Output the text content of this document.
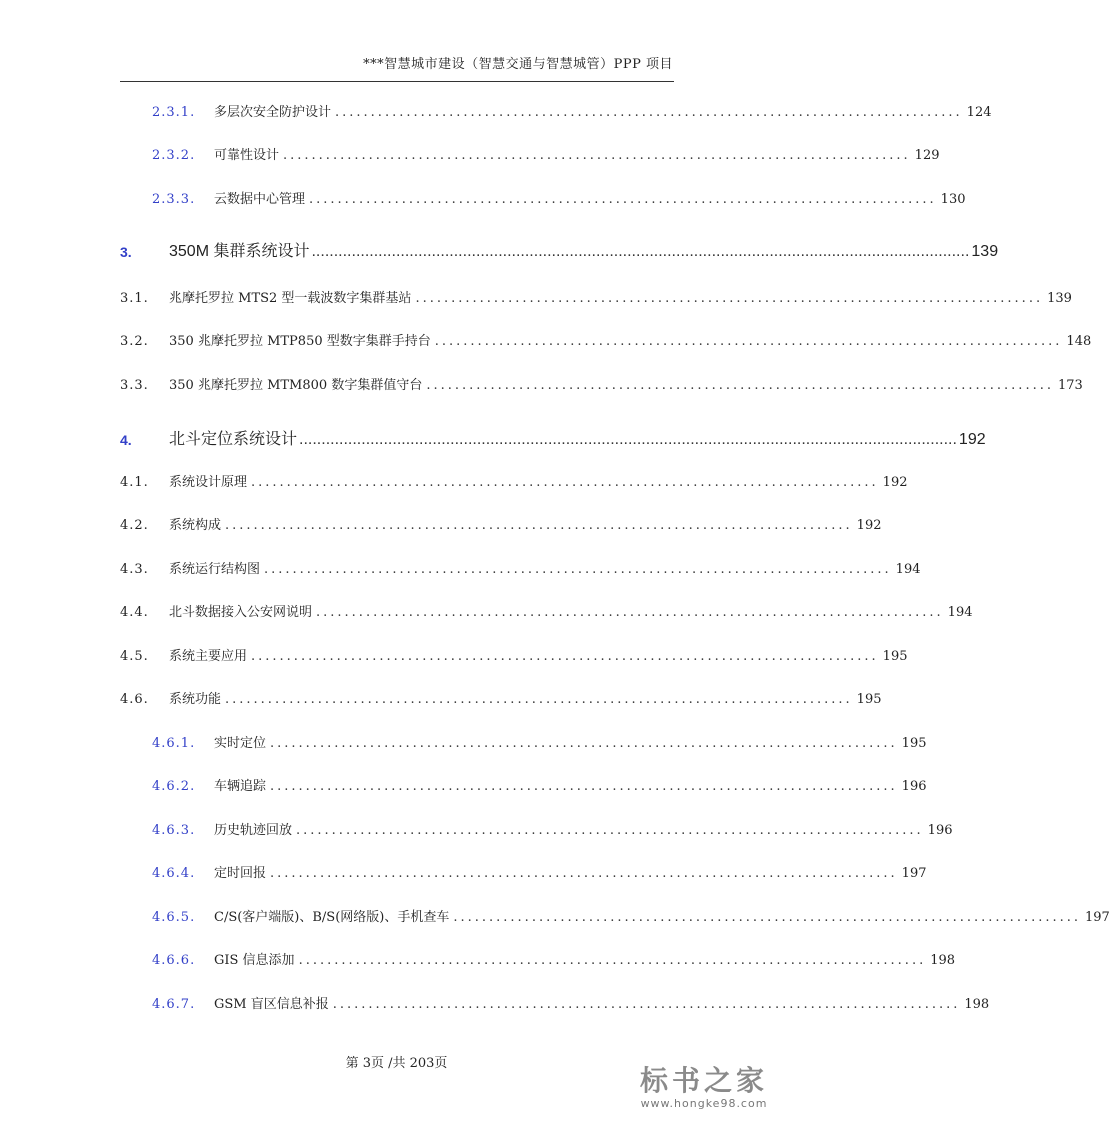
***智慧城市建设（智慧交通与智慧城管）PPP 项目
2.3.1.	多层次安全防护设计 ........................................................................................ 124
2.3.2.	可靠性设计 ........................................................................................ 129
2.3.3.	云数据中心管理 ........................................................................................ 130
3.	350M 集群系统设计 .................................................................................................................................................... 139
3.1.	兆摩托罗拉 MTS2 型一载波数字集群基站 ........................................................................................ 139
3.2.	350 兆摩托罗拉 MTP850 型数字集群手持台 ........................................................................................ 148
3.3.	350 兆摩托罗拉 MTM800 数字集群值守台 ........................................................................................ 173
4.	北斗定位系统设计 .................................................................................................................................................... 192
4.1.	系统设计原理 ........................................................................................ 192
4.2.	系统构成 ........................................................................................ 192
4.3.	系统运行结构图 ........................................................................................ 194
4.4.	北斗数据接入公安网说明 ........................................................................................ 194
4.5.	系统主要应用 ........................................................................................ 195
4.6.	系统功能 ........................................................................................ 195
4.6.1.	实时定位 ........................................................................................ 195
4.6.2.	车辆追踪 ........................................................................................ 196
4.6.3.	历史轨迹回放 ........................................................................................ 196
4.6.4.	定时回报 ........................................................................................ 197
4.6.5.	C/S(客户端版)、B/S(网络版)、手机查车 ........................................................................................ 197
4.6.6.	GIS 信息添加 ........................................................................................ 198
4.6.7.	GSM 盲区信息补报 ........................................................................................ 198
第 3页 /共 203页
标书之家
www.hongke98.com
